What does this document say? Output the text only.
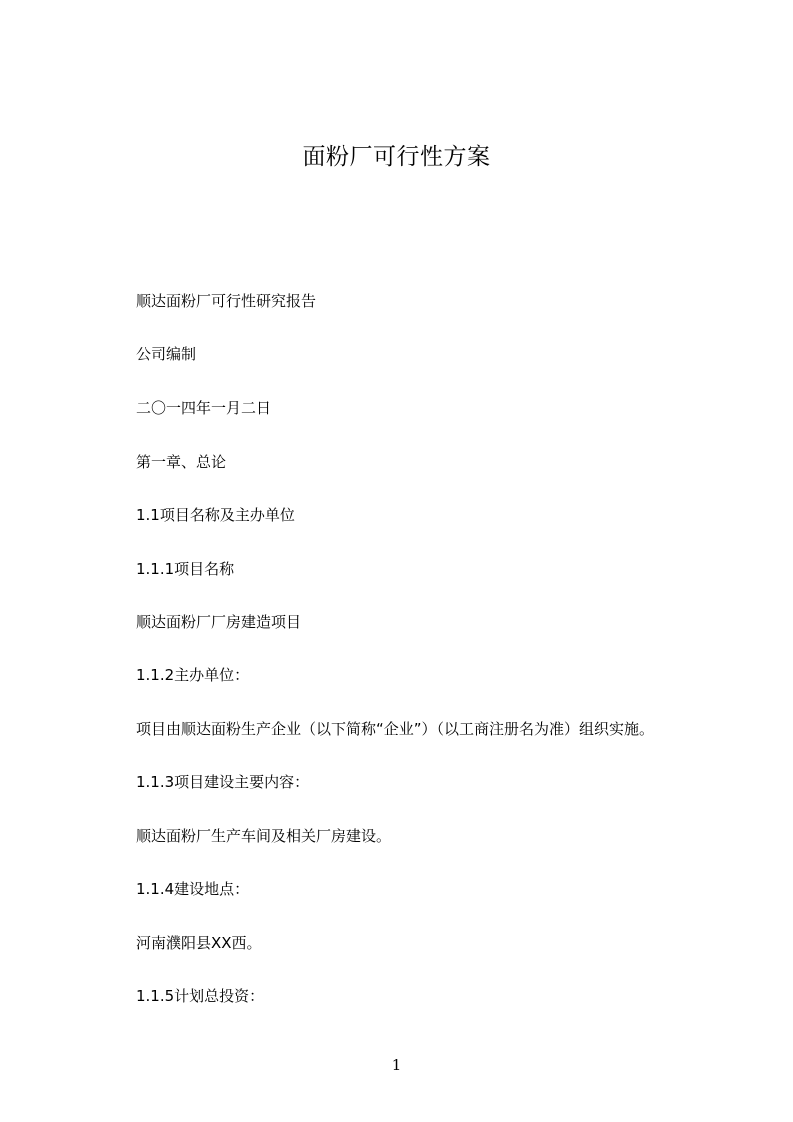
面粉厂可行性方案
顺达面粉厂可行性研究报告
公司编制
二〇一四年一月二日
第一章、总论
1.1项目名称及主办单位
1.1.1项目名称
顺达面粉厂厂房建造项目
1.1.2主办单位：
项目由顺达面粉生产企业（以下简称“企业”）（以工商注册名为准）组织实施。
1.1.3项目建设主要内容：
顺达面粉厂生产车间及相关厂房建设。
1.1.4建设地点：
河南濮阳县XX西。
1.1.5计划总投资：
1
